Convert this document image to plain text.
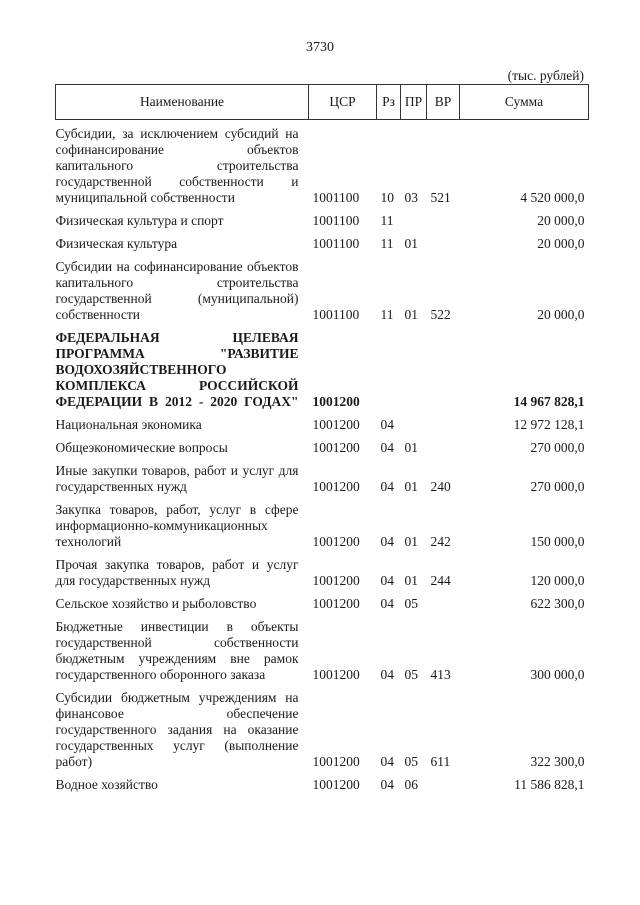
3730
(тыс. рублей)
Наименование	ЦСР	Рз	ПР	ВР	Сумма
Субсидии, за исключением субсидий на софинансирование объектов капитального строительства государственной собственности и муниципальной собственности	1001100	10	03	521	4 520 000,0
Физическая культура и спорт	1001100	11			20 000,0
Физическая культура	1001100	11	01		20 000,0
Субсидии на софинансирование объектов капитального строительства государственной (муниципальной) собственности	1001100	11	01	522	20 000,0
ФЕДЕРАЛЬНАЯ ЦЕЛЕВАЯ ПРОГРАММА "РАЗВИТИЕ ВОДОХОЗЯЙСТВЕННОГО КОМПЛЕКСА РОССИЙСКОЙ ФЕДЕРАЦИИ В 2012 - 2020 ГОДАХ"	1001200				14 967 828,1
Национальная экономика	1001200	04			12 972 128,1
Общеэкономические вопросы	1001200	04	01		270 000,0
Иные закупки товаров, работ и услуг для государственных нужд	1001200	04	01	240	270 000,0
Закупка товаров, работ, услуг в сфере информационно-коммуникационных технологий	1001200	04	01	242	150 000,0
Прочая закупка товаров, работ и услуг для государственных нужд	1001200	04	01	244	120 000,0
Сельское хозяйство и рыболовство	1001200	04	05		622 300,0
Бюджетные инвестиции в объекты государственной собственности бюджетным учреждениям вне рамок государственного оборонного заказа	1001200	04	05	413	300 000,0
Субсидии бюджетным учреждениям на финансовое обеспечение государственного задания на оказание государственных услуг (выполнение работ)	1001200	04	05	611	322 300,0
Водное хозяйство	1001200	04	06		11 586 828,1
